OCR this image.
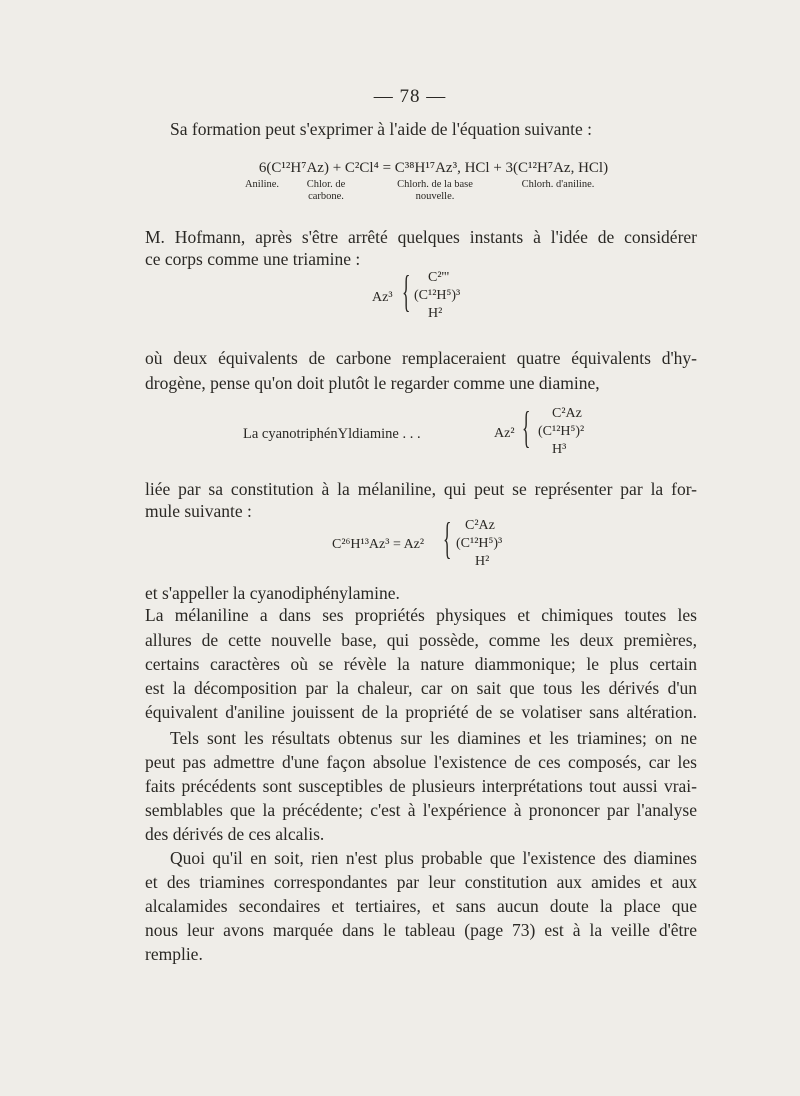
— 78 —
Sa formation peut s'exprimer à l'aide de l'équation suivante :
6(C¹²H⁷Az) + C²Cl⁴ = C³⁸H¹⁷Az³, HCl + 3(C¹²H⁷Az, HCl)
Aniline.	Chlor. de
carbone.
Chlorh. de la base
nouvelle.
Chlorh. d'aniline.
M. Hofmann, après s'être arrêté quelques instants à l'idée de considérer
ce corps comme une triamine :
Az³ { C²'''
(C¹²H⁵)³
H²
où deux équivalents de carbone remplaceraient quatre équivalents d'hy-
drogène, pense qu'on doit plutôt le regarder comme une diamine,
La cyanotriphénYldiamine . . .	Az² { C²Az
(C¹²H⁵)²
H³
liée par sa constitution à la mélaniline, qui peut se représenter par la for-
mule suivante :
C²⁶H¹³Az³ = Az² { C²Az
(C¹²H⁵)³
H²
et s'appeller la cyanodiphénylamine.
La mélaniline a dans ses propriétés physiques et chimiques toutes les
allures de cette nouvelle base, qui possède, comme les deux premières,
certains caractères où se révèle la nature diammonique; le plus certain
est la décomposition par la chaleur, car on sait que tous les dérivés d'un
équivalent d'aniline jouissent de la propriété de se volatiser sans altération.
Tels sont les résultats obtenus sur les diamines et les triamines; on ne
peut pas admettre d'une façon absolue l'existence de ces composés, car les
faits précédents sont susceptibles de plusieurs interprétations tout aussi vrai-
semblables que la précédente; c'est à l'expérience à prononcer par l'analyse
des dérivés de ces alcalis.
Quoi qu'il en soit, rien n'est plus probable que l'existence des diamines
et des triamines correspondantes par leur constitution aux amides et aux
alcalamides secondaires et tertiaires, et sans aucun doute la place que
nous leur avons marquée dans le tableau (page 73) est à la veille d'être
remplie.
